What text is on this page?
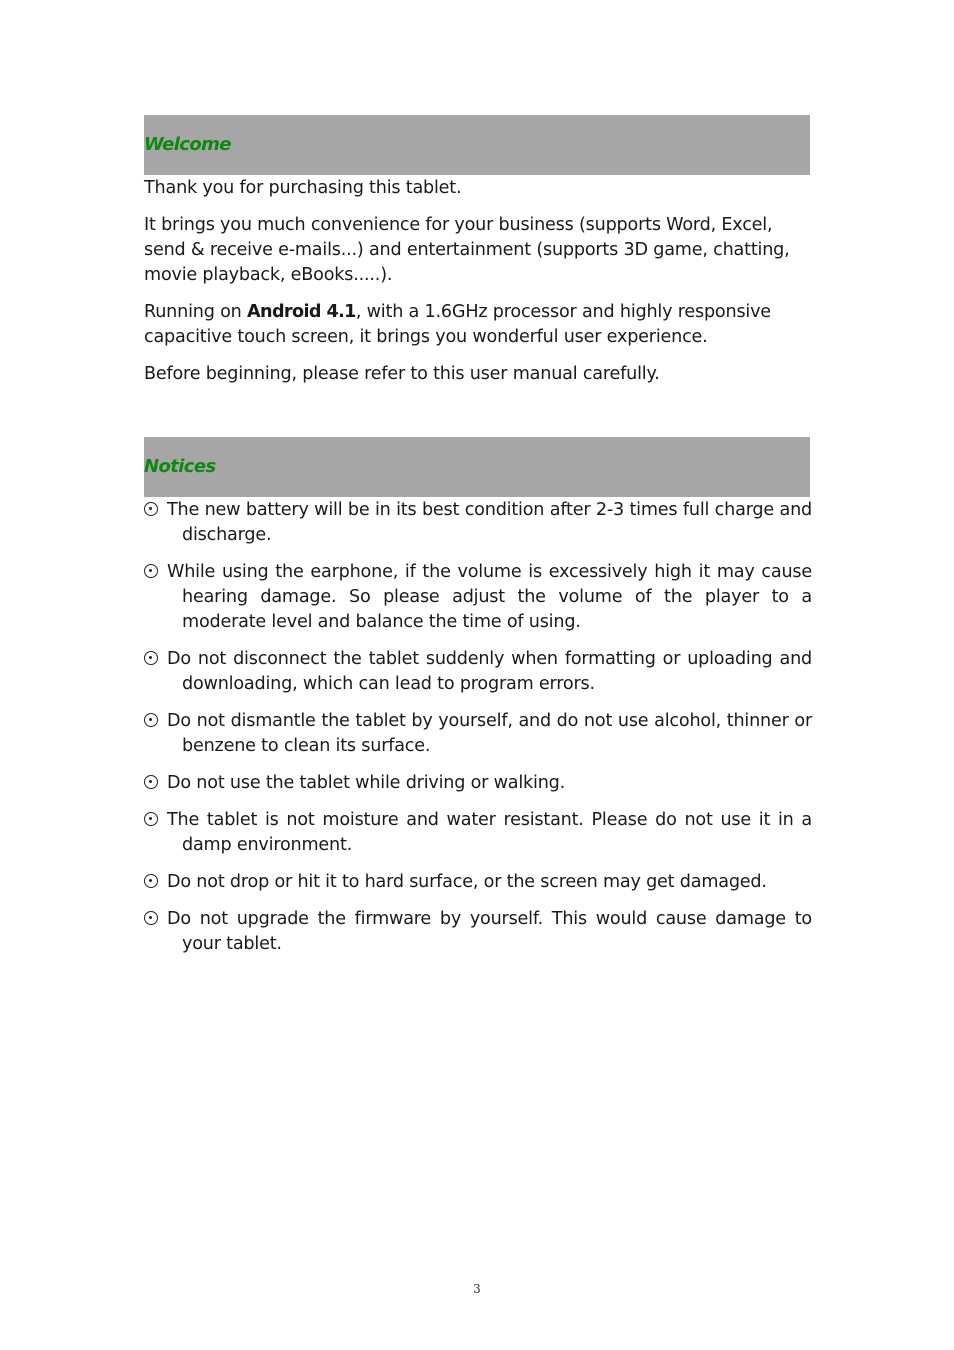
Welcome

Thank you for purchasing this tablet.

It brings you much convenience for your business (supports Word, Excel, send & receive e-mails...) and entertainment (supports 3D game, chatting, movie playback, eBooks.....).

Running on Android 4.1, with a 1.6GHz processor and highly responsive capacitive touch screen, it brings you wonderful user experience.

Before beginning, please refer to this user manual carefully.

Notices
The new battery will be in its best condition after 2-3 times full charge and discharge.
While using the earphone, if the volume is excessively high it may cause hearing damage. So please adjust the volume of the player to a moderate level and balance the time of using.
Do not disconnect the tablet suddenly when formatting or uploading and downloading, which can lead to program errors.
Do not dismantle the tablet by yourself, and do not use alcohol, thinner or benzene to clean its surface.
Do not use the tablet while driving or walking.
The tablet is not moisture and water resistant. Please do not use it in a damp environment.
Do not drop or hit it to hard surface, or the screen may get damaged.
Do not upgrade the firmware by yourself. This would cause damage to your tablet.
3
